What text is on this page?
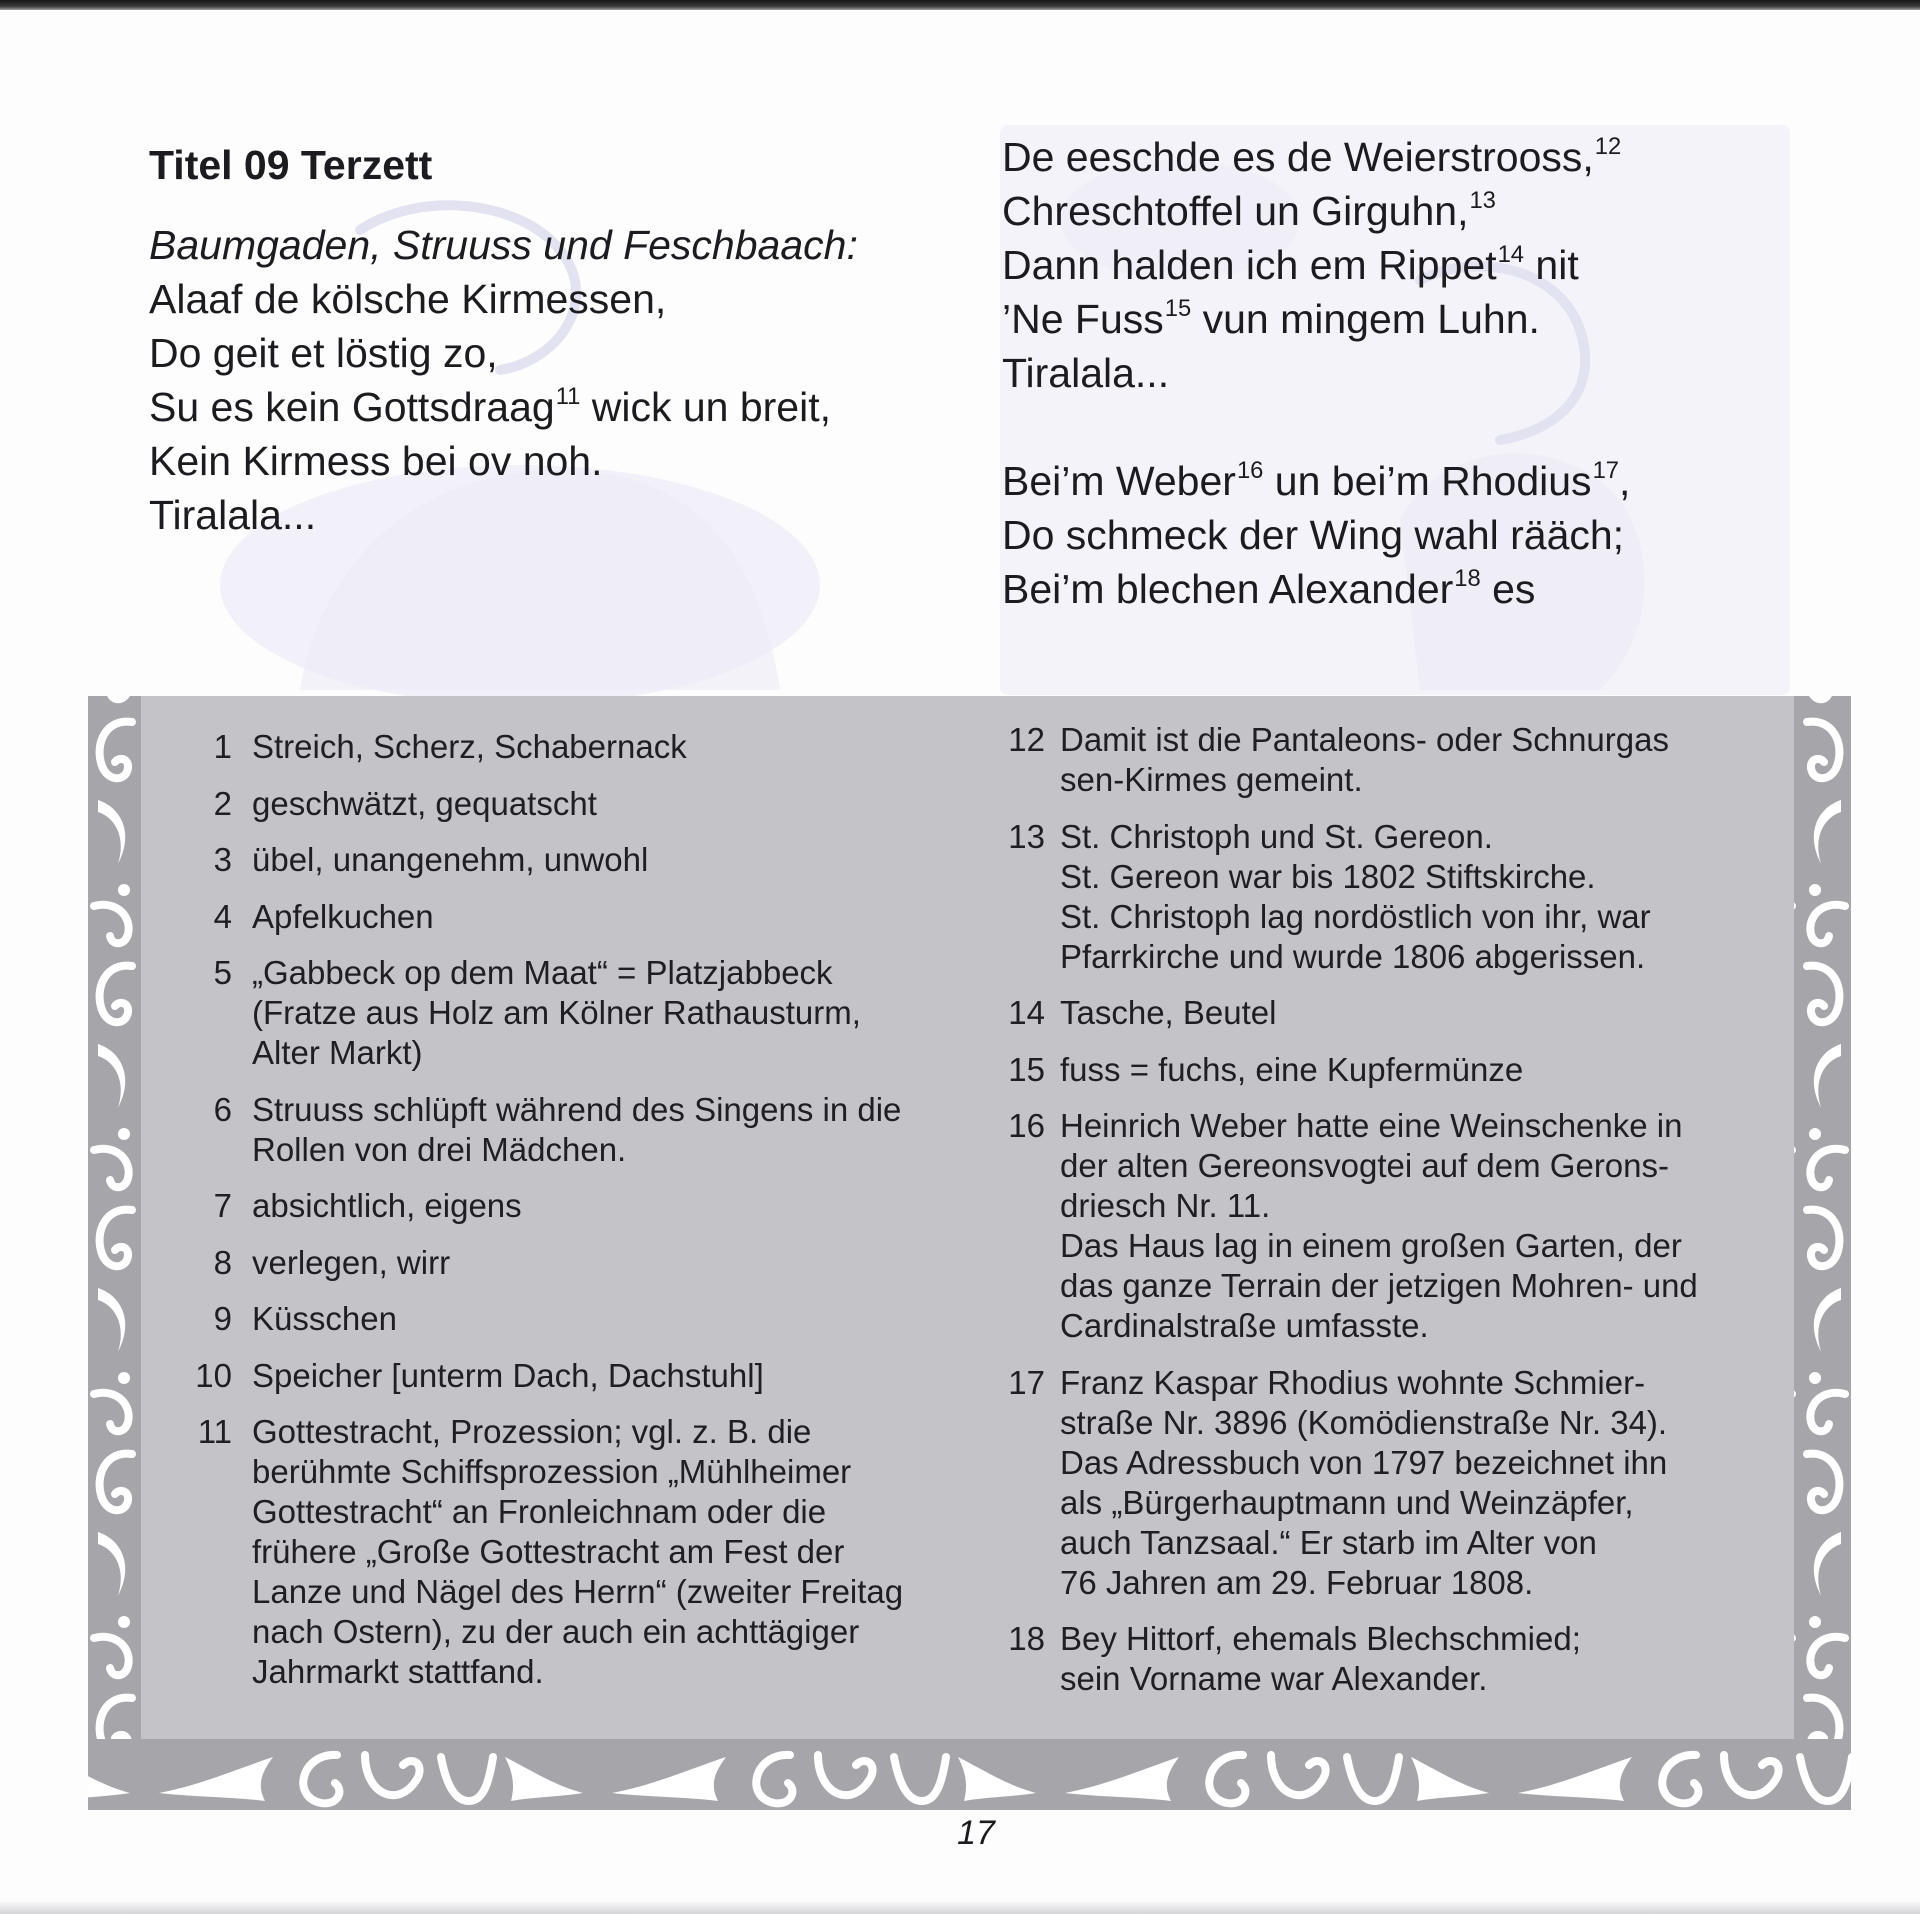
Titel 09 Terzett
Baumgaden, Struuss und Feschbaach:
Alaaf de kölsche Kirmessen,
Do geit et löstig zo,
Su es kein Gottsdraag$^{11}$ wick un breit,
Kein Kirmess bei ov noh.
Tiralala...
De eeschde es de Weierstrooss,$^{12}$
Chreschtoffel un Girguhn,$^{13}$
Dann halden ich em Rippet$^{14}$ nit
’Ne Fuss$^{15}$ vun mingem Luhn.
Tiralala...
Bei’m Weber$^{16}$ un bei’m Rhodius$^{17}$,
Do schmeck der Wing wahl rääch;
Bei’m blechen Alexander$^{18}$ es
1 Streich, Scherz, Schabernack
2 geschwätzt, gequatscht
3 übel, unangenehm, unwohl
4 Apfelkuchen
5 „Gabbeck op dem Maat“ = Platzjabbeck
(Fratze aus Holz am Kölner Rathausturm,
Alter Markt)
6 Struuss schlüpft während des Singens in die
Rollen von drei Mädchen.
7 absichtlich, eigens
8 verlegen, wirr
9 Küsschen
10 Speicher [unterm Dach, Dachstuhl]
11 Gottestracht, Prozession; vgl. z. B. die
berühmte Schiffsprozession „Mühlheimer
Gottestracht“ an Fronleichnam oder die
frühere „Große Gottestracht am Fest der
Lanze und Nägel des Herrn“ (zweiter Freitag
nach Ostern), zu der auch ein achttägiger
Jahrmarkt stattfand.
12 Damit ist die Pantaleons- oder Schnurgas
sen-Kirmes gemeint.
13 St. Christoph und St. Gereon.
St. Gereon war bis 1802 Stiftskirche.
St. Christoph lag nordöstlich von ihr, war
Pfarrkirche und wurde 1806 abgerissen.
14 Tasche, Beutel
15 fuss = fuchs, eine Kupfermünze
16 Heinrich Weber hatte eine Weinschenke in
der alten Gereonsvogtei auf dem Gerons-
driesch Nr. 11.
Das Haus lag in einem großen Garten, der
das ganze Terrain der jetzigen Mohren- und
Cardinalstraße umfasste.
17 Franz Kaspar Rhodius wohnte Schmier-
straße Nr. 3896 (Komödienstraße Nr. 34).
Das Adressbuch von 1797 bezeichnet ihn
als „Bürgerhauptmann und Weinzäpfer,
auch Tanzsaal.“ Er starb im Alter von
76 Jahren am 29. Februar 1808.
18 Bey Hittorf, ehemals Blechschmied;
sein Vorname war Alexander.
17
